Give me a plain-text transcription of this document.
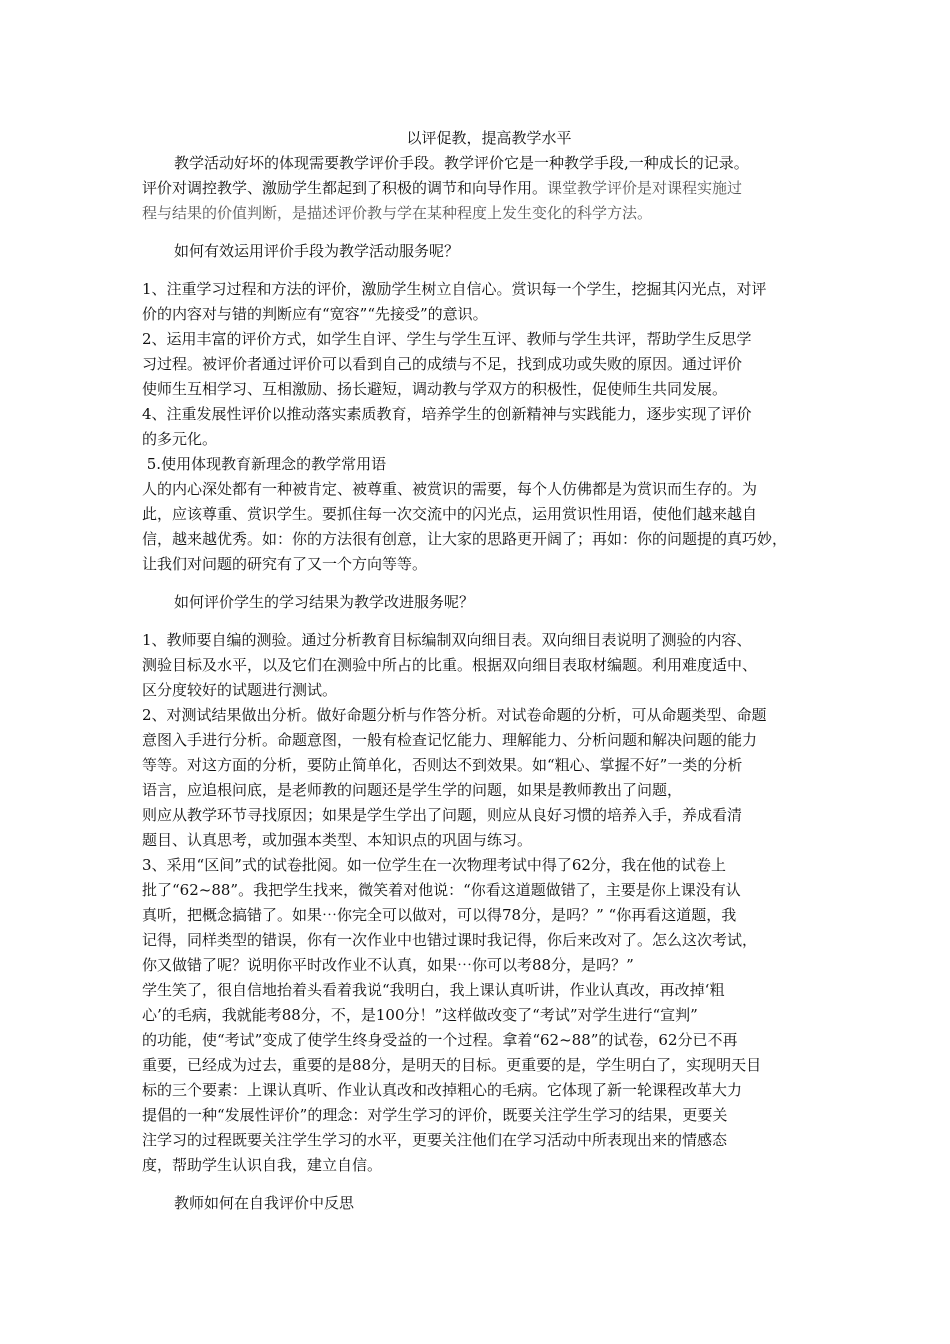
以评促教，提高教学水平
教学活动好坏的体现需要教学评价手段。教学评价它是一种教学手段,一种成长的记录。
评价对调控教学、激励学生都起到了积极的调节和向导作用。课堂教学评价是对课程实施过
程与结果的价值判断，是描述评价教与学在某种程度上发生变化的科学方法。
如何有效运用评价手段为教学活动服务呢？
1、注重学习过程和方法的评价，激励学生树立自信心。赏识每一个学生，挖掘其闪光点，对评
价的内容对与错的判断应有“宽容”“先接受”的意识。
2、运用丰富的评价方式，如学生自评、学生与学生互评、教师与学生共评，帮助学生反思学
习过程。被评价者通过评价可以看到自己的成绩与不足，找到成功或失败的原因。通过评价
使师生互相学习、互相激励、扬长避短，调动教与学双方的积极性，促使师生共同发展。
4、注重发展性评价以推动落实素质教育，培养学生的创新精神与实践能力，逐步实现了评价
的多元化。
5.使用体现教育新理念的教学常用语
人的内心深处都有一种被肯定、被尊重、被赏识的需要，每个人仿佛都是为赏识而生存的。为
此，应该尊重、赏识学生。要抓住每一次交流中的闪光点，运用赏识性用语，使他们越来越自
信，越来越优秀。如：你的方法很有创意，让大家的思路更开阔了；再如：你的问题提的真巧妙，
让我们对问题的研究有了又一个方向等等。
如何评价学生的学习结果为教学改进服务呢？
1、教师要自编的测验。通过分析教育目标编制双向细目表。双向细目表说明了测验的内容、
测验目标及水平，以及它们在测验中所占的比重。根据双向细目表取材编题。利用难度适中、
区分度较好的试题进行测试。
2、对测试结果做出分析。做好命题分析与作答分析。对试卷命题的分析，可从命题类型、命题
意图入手进行分析。命题意图，一般有检查记忆能力、理解能力、分析问题和解决问题的能力
等等。对这方面的分析，要防止简单化，否则达不到效果。如“粗心、掌握不好”一类的分析
语言，应追根问底，是老师教的问题还是学生学的问题，如果是教师教出了问题，
则应从教学环节寻找原因；如果是学生学出了问题，则应从良好习惯的培养入手，养成看清
题目、认真思考，或加强本类型、本知识点的巩固与练习。
3、采用“区间”式的试卷批阅。如一位学生在一次物理考试中得了62分，我在他的试卷上
批了“62~88”。我把学生找来，微笑着对他说：“你看这道题做错了，主要是你上课没有认
真听，把概念搞错了。如果⋯你完全可以做对，可以得78分，是吗？” “你再看这道题，我
记得，同样类型的错误，你有一次作业中也错过课时我记得，你后来改对了。怎么这次考试，
你又做错了呢？说明你平时改作业不认真，如果⋯你可以考88分，是吗？”
学生笑了，很自信地抬着头看着我说“我明白，我上课认真听讲，作业认真改，再改掉‘粗
心’的毛病，我就能考88分，不，是100分！”这样做改变了“考试”对学生进行“宣判”
的功能，使“考试”变成了使学生终身受益的一个过程。拿着“62~88”的试卷，62分已不再
重要，已经成为过去，重要的是88分，是明天的目标。更重要的是，学生明白了，实现明天目
标的三个要素：上课认真听、作业认真改和改掉粗心的毛病。它体现了新一轮课程改革大力
提倡的一种“发展性评价”的理念：对学生学习的评价，既要关注学生学习的结果，更要关
注学习的过程既要关注学生学习的水平，更要关注他们在学习活动中所表现出来的情感态
度，帮助学生认识自我，建立自信。
教师如何在自我评价中反思
